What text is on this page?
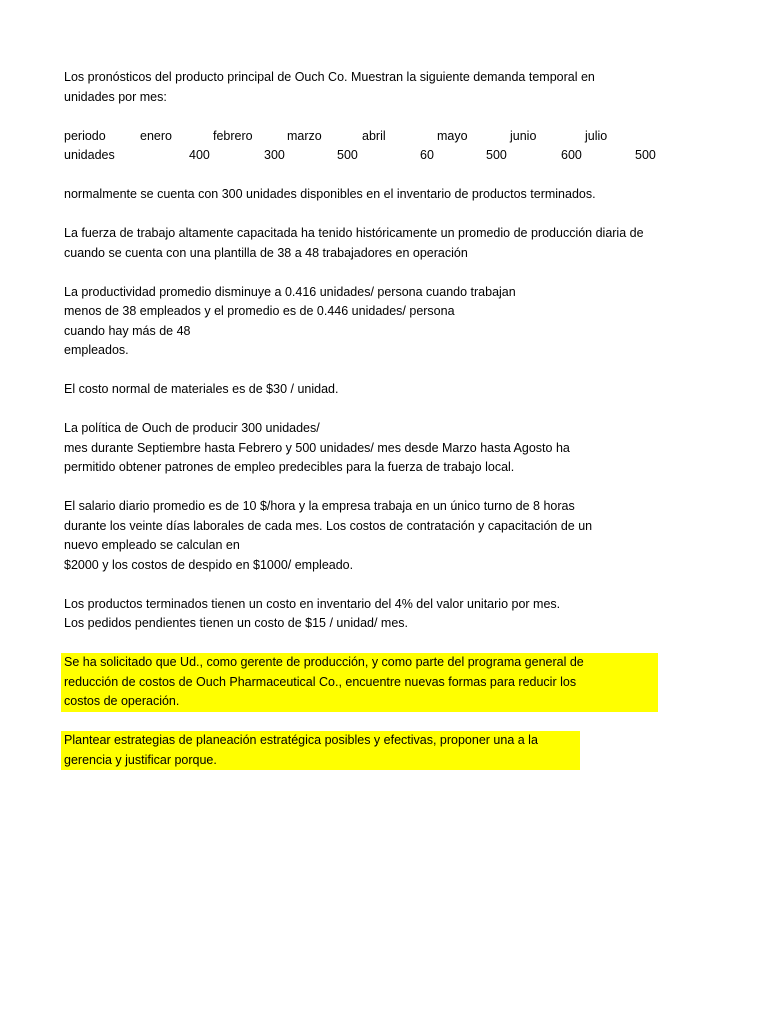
Los pronósticos del producto principal de Ouch Co. Muestran la siguiente demanda temporal en
unidades por mes:
periodo	enero	febrero	marzo	abril	mayo	junio	julio
unidades	400	300	500	60	500	600	500
normalmente se cuenta con 300 unidades disponibles en el inventario de productos terminados.
La fuerza de trabajo altamente capacitada ha tenido históricamente un promedio de producción diaria de
cuando se cuenta con una plantilla de 38 a 48 trabajadores en operación
La productividad promedio disminuye a 0.416 unidades/ persona cuando trabajan
menos de 38 empleados y el promedio es de 0.446 unidades/ persona
cuando hay más de 48
empleados.
El costo normal de materiales es de $30 / unidad.
La política de Ouch de producir 300 unidades/
mes durante Septiembre hasta Febrero y 500 unidades/ mes desde Marzo hasta Agosto ha
permitido obtener patrones de empleo predecibles para la fuerza de trabajo local.
El salario diario promedio es de 10 $/hora y la empresa trabaja en un único turno de 8 horas
durante los veinte días laborales de cada mes. Los costos de contratación y capacitación de un
nuevo empleado se calculan en
$2000 y los costos de despido en $1000/ empleado.
Los productos terminados tienen un costo en inventario del 4% del valor unitario por mes.
Los pedidos pendientes tienen un costo de $15 / unidad/ mes.
Se ha solicitado que Ud., como gerente de producción, y como parte del programa general de
reducción de costos de Ouch Pharmaceutical Co., encuentre nuevas formas para reducir los
costos de operación.
Plantear estrategias de planeación estratégica posibles y efectivas, proponer una a la
gerencia y justificar porque.
